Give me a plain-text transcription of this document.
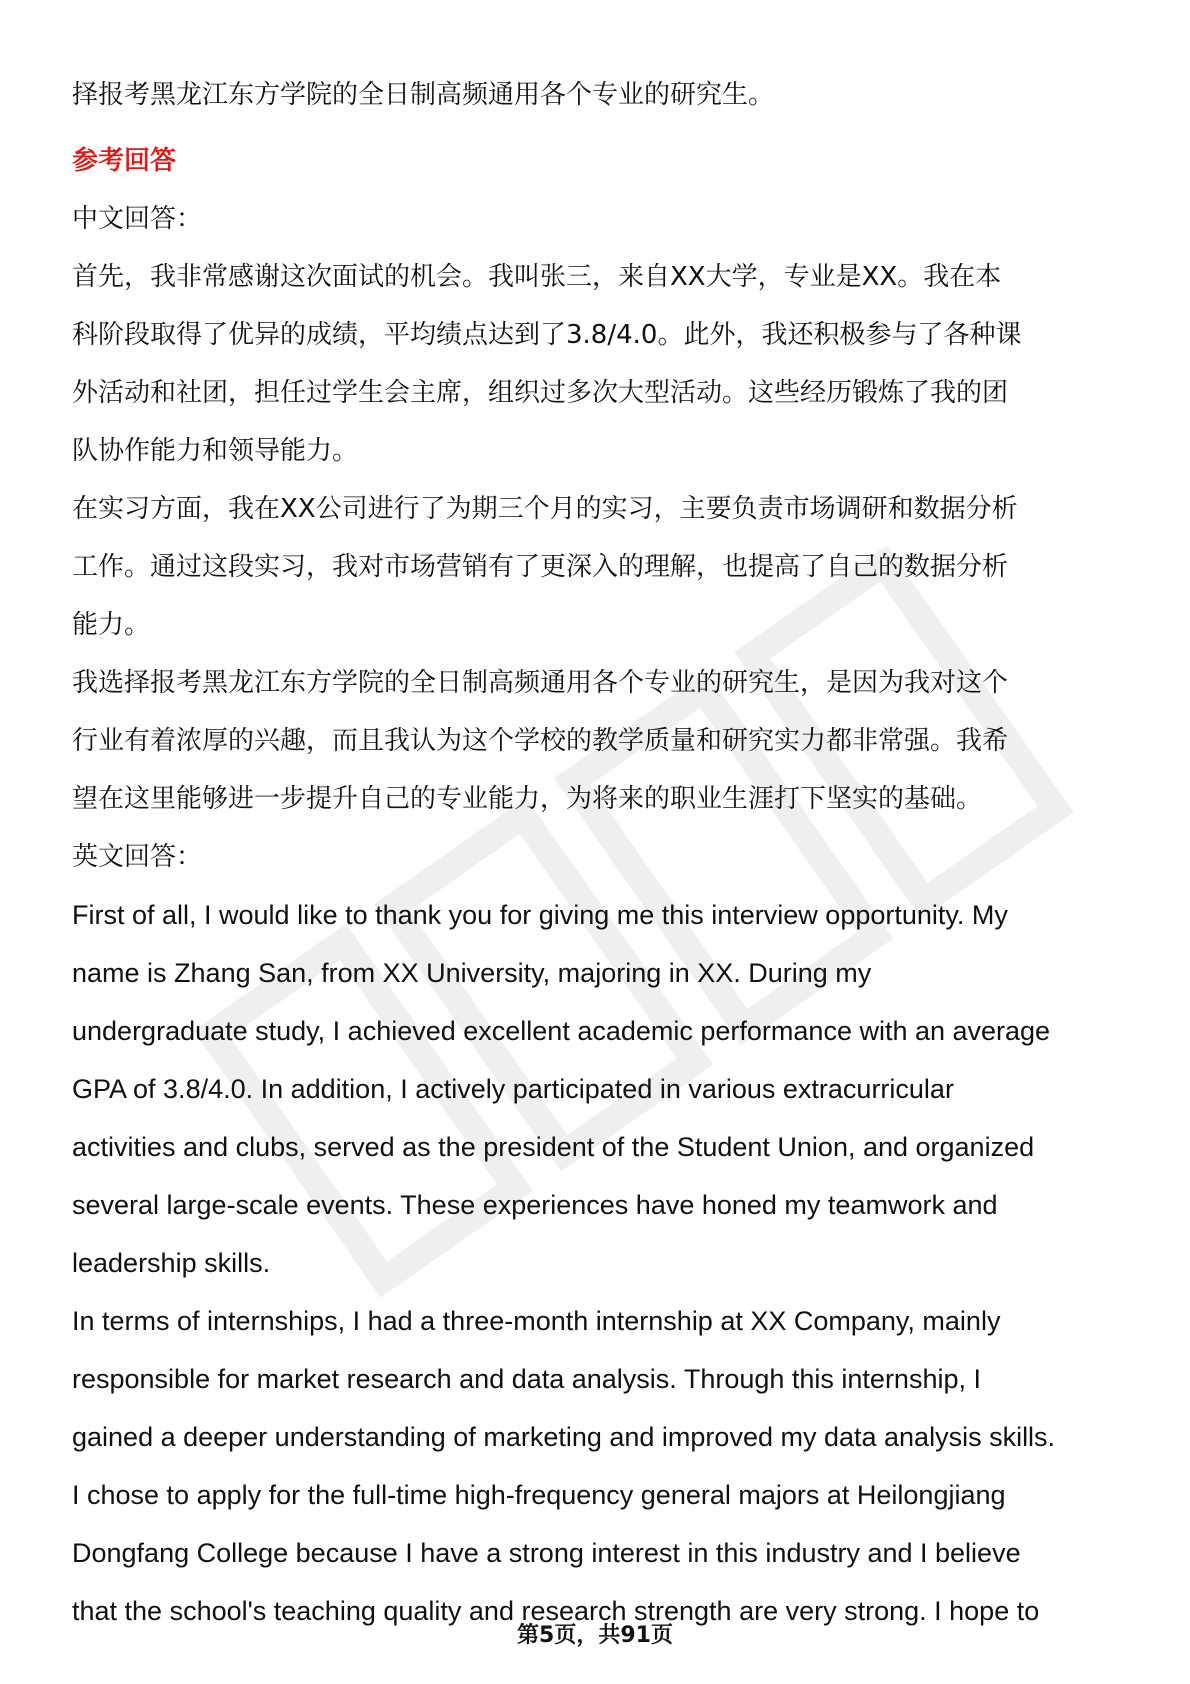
择报考黑龙江东方学院的全日制高频通用各个专业的研究生。

参考回答

中文回答：

首先，我非常感谢这次面试的机会。我叫张三，来自XX大学，专业是XX。我在本

科阶段取得了优异的成绩，平均绩点达到了3.8/4.0。此外，我还积极参与了各种课

外活动和社团，担任过学生会主席，组织过多次大型活动。这些经历锻炼了我的团

队协作能力和领导能力。

在实习方面，我在XX公司进行了为期三个月的实习，主要负责市场调研和数据分析

工作。通过这段实习，我对市场营销有了更深入的理解，也提高了自己的数据分析

能力。

我选择报考黑龙江东方学院的全日制高频通用各个专业的研究生，是因为我对这个

行业有着浓厚的兴趣，而且我认为这个学校的教学质量和研究实力都非常强。我希

望在这里能够进一步提升自己的专业能力，为将来的职业生涯打下坚实的基础。

英文回答：

First of all, I would like to thank you for giving me this interview opportunity. My

name is Zhang San, from XX University, majoring in XX. During my

undergraduate study, I achieved excellent academic performance with an average

GPA of 3.8/4.0. In addition, I actively participated in various extracurricular

activities and clubs, served as the president of the Student Union, and organized

several large-scale events. These experiences have honed my teamwork and

leadership skills.

In terms of internships, I had a three-month internship at XX Company, mainly

responsible for market research and data analysis. Through this internship, I

gained a deeper understanding of marketing and improved my data analysis skills.

I chose to apply for the full-time high-frequency general majors at Heilongjiang

Dongfang College because I have a strong interest in this industry and I believe

that the school's teaching quality and research strength are very strong. I hope to

第5页，共91页
